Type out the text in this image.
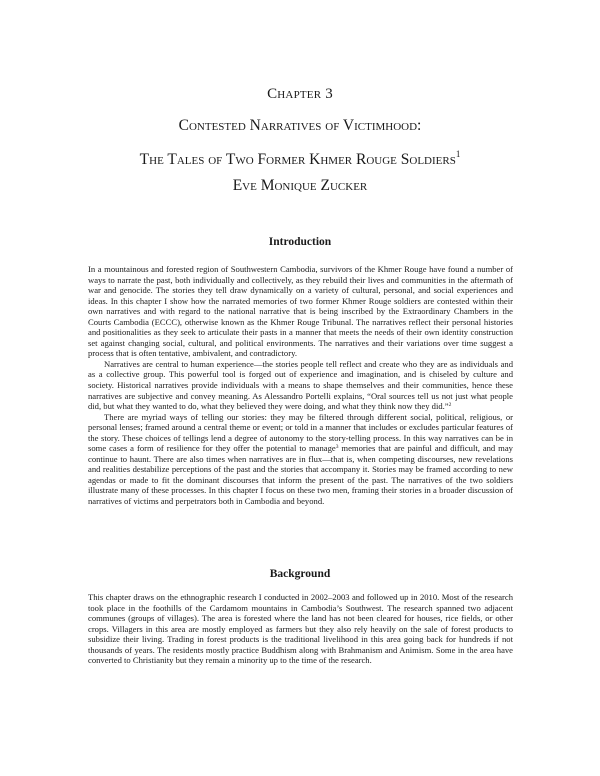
Chapter 3
Contested Narratives of Victimhood:
The Tales of Two Former Khmer Rouge Soldiers$^1$
Eve Monique Zucker
Introduction

In a mountainous and forested region of Southwestern Cambodia, survivors of the Khmer Rouge have found a number of ways to narrate the past, both individually and collectively, as they rebuild their lives and communities in the aftermath of war and genocide. The stories they tell draw dynamically on a variety of cultural, personal, and social experiences and ideas. In this chapter I show how the narrated memories of two former Khmer Rouge soldiers are contested within their own narratives and with regard to the national narrative that is being inscribed by the Extraordinary Chambers in the Courts Cambodia (ECCC), otherwise known as the Khmer Rouge Tribunal. The narratives reflect their personal histories and positionalities as they seek to articulate their pasts in a manner that meets the needs of their own identity construction set against changing social, cultural, and political environments. The narratives and their variations over time suggest a process that is often tentative, ambivalent, and contradictory.

Narratives are central to human experience—the stories people tell reflect and create who they are as individuals and as a collective group. This powerful tool is forged out of experience and imagination, and is chiseled by culture and society. Historical narratives provide individuals with a means to shape themselves and their communities, hence these narratives are subjective and convey meaning. As Alessandro Portelli explains, “Oral sources tell us not just what people did, but what they wanted to do, what they believed they were doing, and what they think now they did.”$^2$

There are myriad ways of telling our stories: they may be filtered through different social, political, religious, or personal lenses; framed around a central theme or event; or told in a manner that includes or excludes particular features of the story. These choices of tellings lend a degree of autonomy to the story-telling process. In this way narratives can be in some cases a form of resilience for they offer the potential to manage$^3$ memories that are painful and difficult, and may continue to haunt. There are also times when narratives are in flux—that is, when competing discourses, new revelations and realities destabilize perceptions of the past and the stories that accompany it. Stories may be framed according to new agendas or made to fit the dominant discourses that inform the present of the past. The narratives of the two soldiers illustrate many of these processes. In this chapter I focus on these two men, framing their stories in a broader discussion of narratives of victims and perpetrators both in Cambodia and beyond.

Background

This chapter draws on the ethnographic research I conducted in 2002–2003 and followed up in 2010. Most of the research took place in the foothills of the Cardamom mountains in Cambodia’s Southwest. The research spanned two adjacent communes (groups of villages). The area is forested where the land has not been cleared for houses, rice fields, or other crops. Villagers in this area are mostly employed as farmers but they also rely heavily on the sale of forest products to subsidize their living. Trading in forest products is the traditional livelihood in this area going back for hundreds if not thousands of years. The residents mostly practice Buddhism along with Brahmanism and Animism. Some in the area have converted to Christianity but they remain a minority up to the time of the research.
